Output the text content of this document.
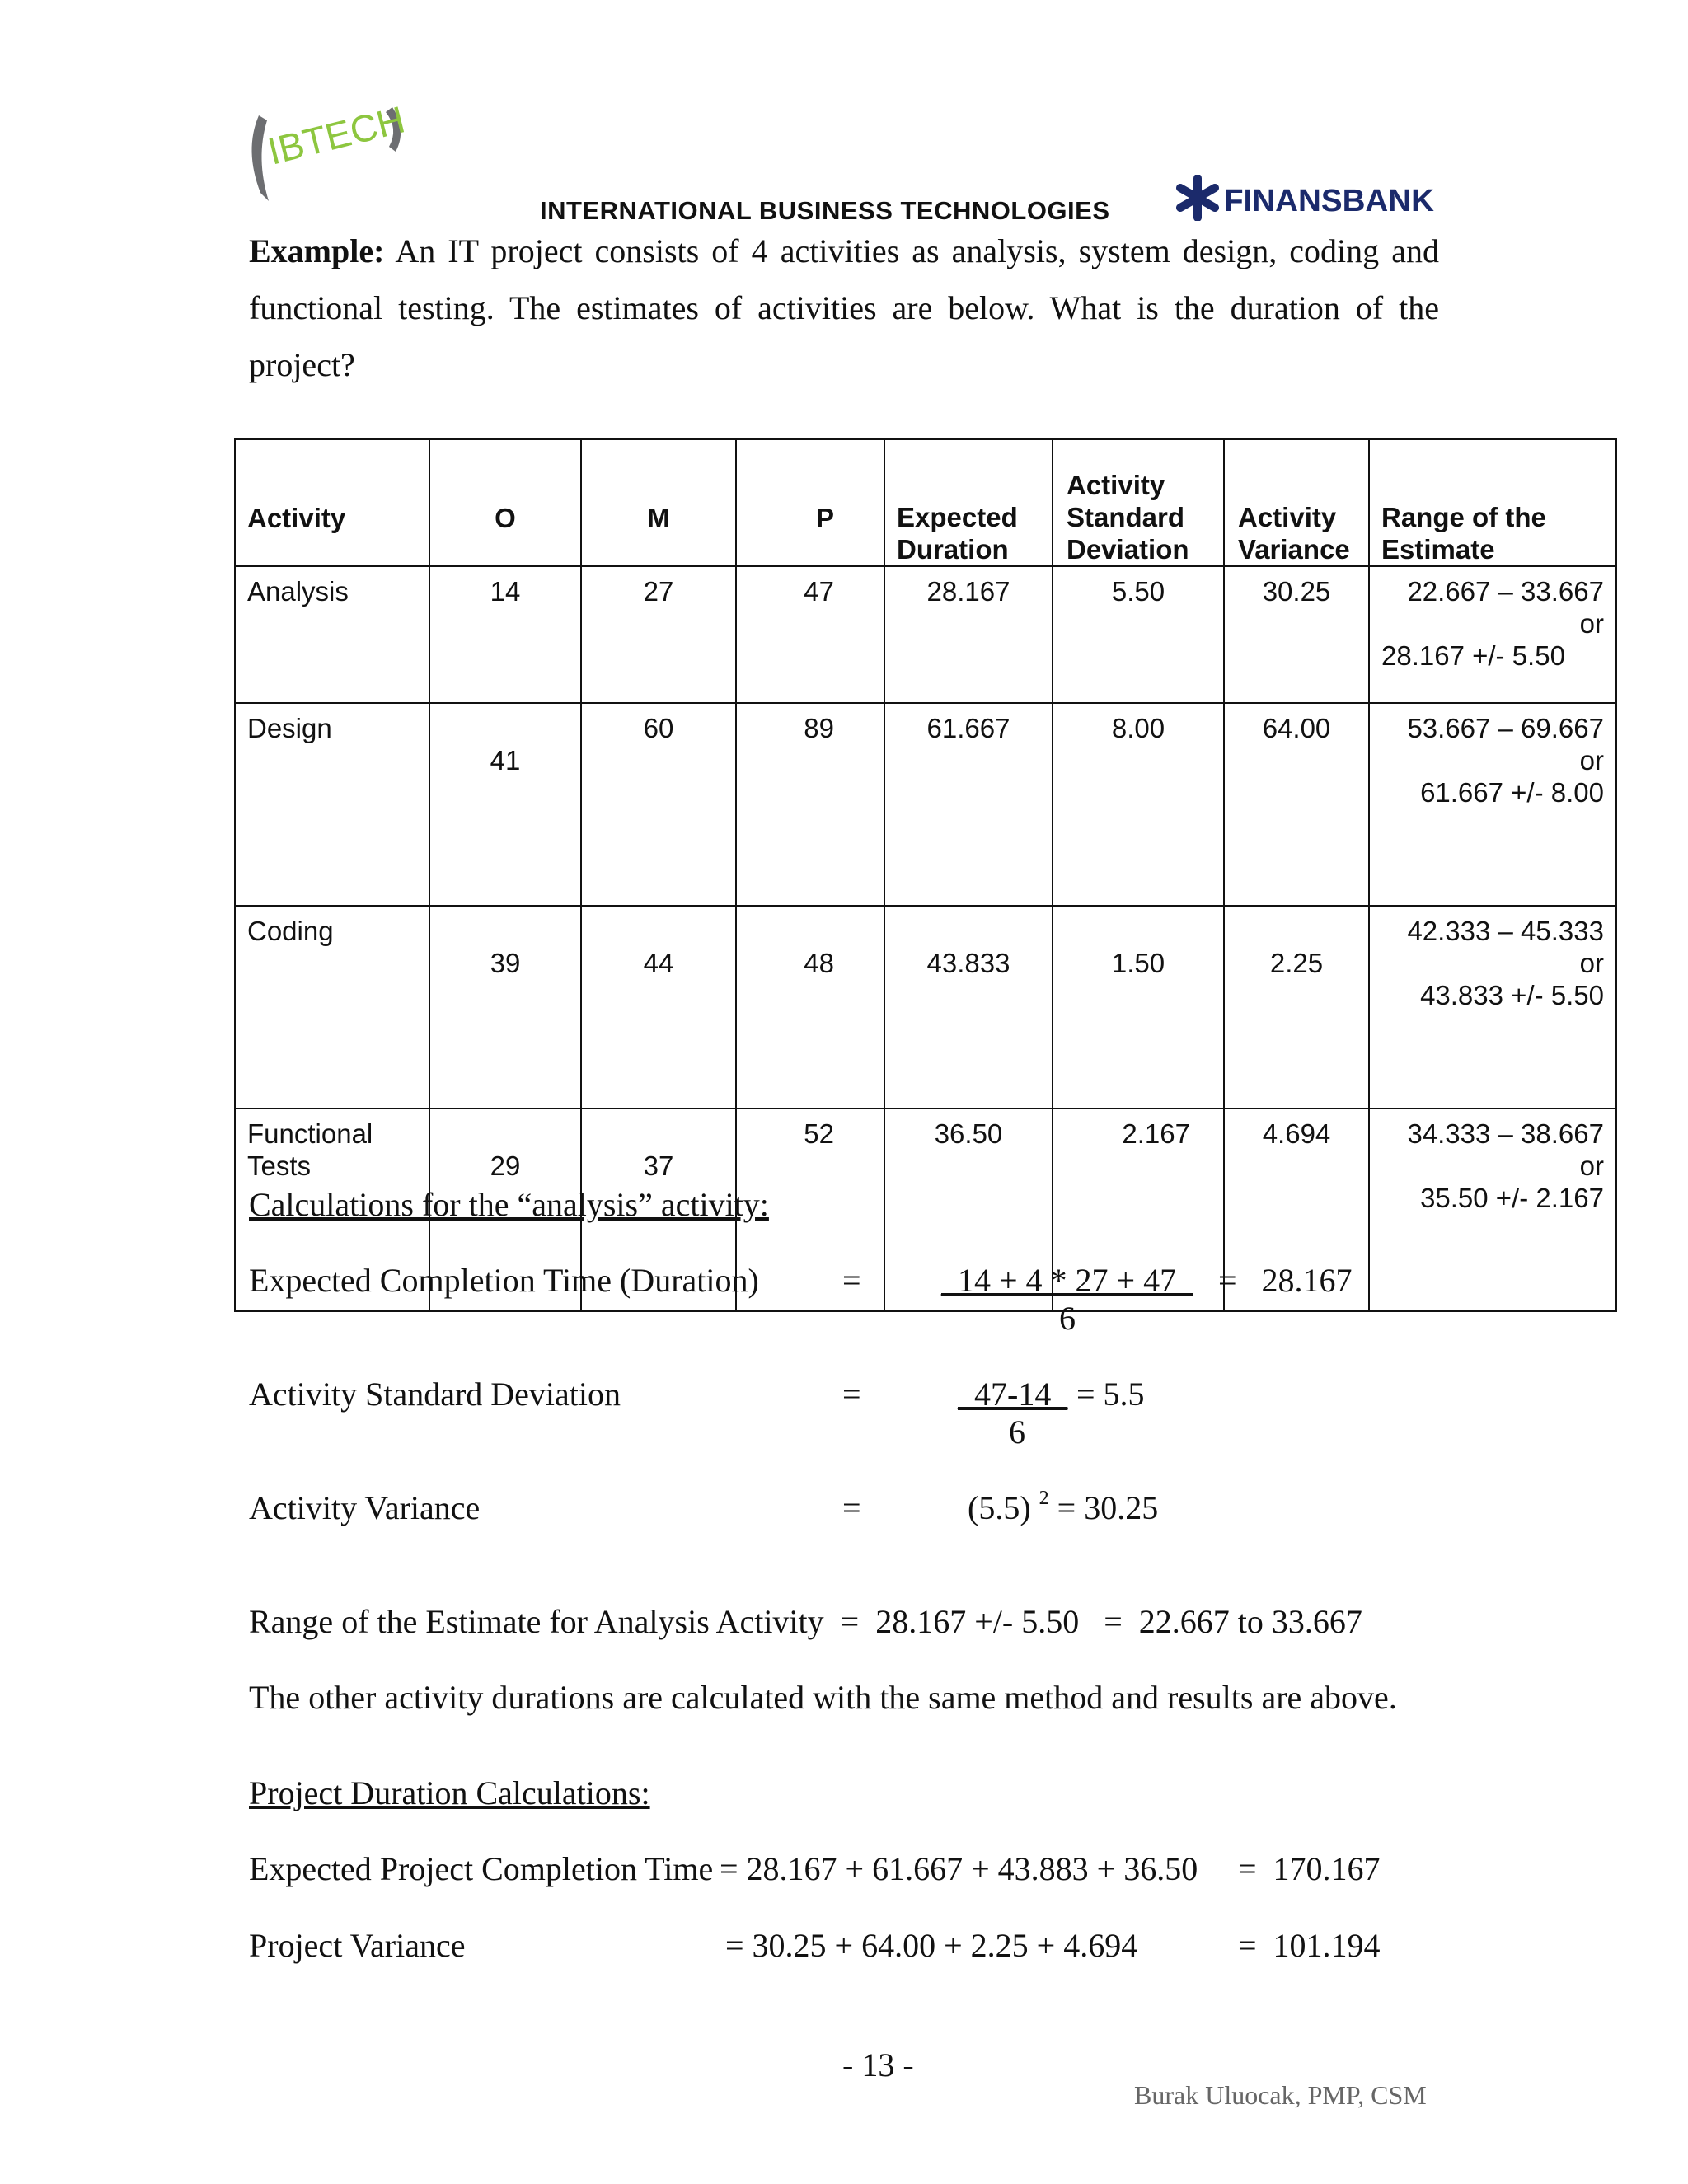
IBTECH
INTERNATIONAL BUSINESS TECHNOLOGIES	FINANSBANK
Example: An IT project consists of 4 activities as analysis, system design, coding and functional testing. The estimates of activities are below. What is the duration of the project?
Activity	O	M	P	Expected Duration	Activity Standard Deviation	Activity Variance	Range of the Estimate
Analysis	14	27	47	28.167	5.50	30.25	22.667 – 33.667
or
28.167 +/- 5.50

Design	41	60	89	61.667	8.00	64.00	53.667 – 69.667
or
61.667 +/- 8.00

Coding	39	44	48	43.833	1.50	2.25	42.333 – 45.333
or
43.833 +/- 5.50

Functional Tests	29	37	52	36.50	2.167	4.694	34.333 – 38.667
or
35.50 +/- 2.167
Calculations for the “analysis” activity:
Expected Completion Time (Duration)	= _14 + 4 * 27 + 47_ =   28.167
6
Activity Standard Deviation	=	_47-14_ = 5.5
6
Activity Variance	=	(5.5) $^2$ = 30.25
Range of the Estimate for Analysis Activity  =  28.167 +/- 5.50   =  22.667 to 33.667
The other activity durations are calculated with the same method and results are above.
Project Duration Calculations:
Expected Project Completion Time = 28.167 + 61.667 + 43.883 + 36.50 =  170.167
Project Variance	= 30.25 + 64.00 + 2.25 + 4.694	=  101.194
- 13 -
Burak Uluocak, PMP, CSM
